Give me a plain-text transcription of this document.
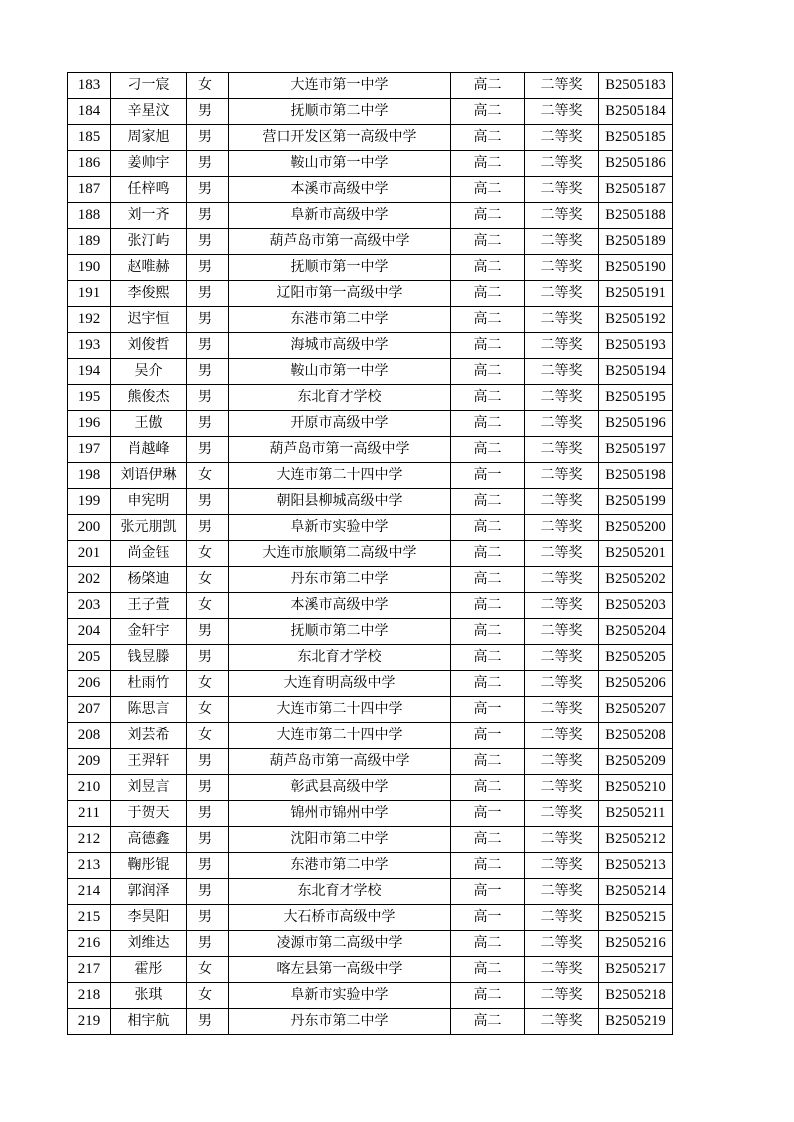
183	刁一宸	女	大连市第一中学	高二	二等奖	B2505183
184	辛星汶	男	抚顺市第二中学	高二	二等奖	B2505184
185	周家旭	男	营口开发区第一高级中学	高二	二等奖	B2505185
186	姜帅宇	男	鞍山市第一中学	高二	二等奖	B2505186
187	任梓鸣	男	本溪市高级中学	高二	二等奖	B2505187
188	刘一齐	男	阜新市高级中学	高二	二等奖	B2505188
189	张汀屿	男	葫芦岛市第一高级中学	高二	二等奖	B2505189
190	赵唯赫	男	抚顺市第一中学	高二	二等奖	B2505190
191	李俊熙	男	辽阳市第一高级中学	高二	二等奖	B2505191
192	迟宇恒	男	东港市第二中学	高二	二等奖	B2505192
193	刘俊哲	男	海城市高级中学	高二	二等奖	B2505193
194	吴介	男	鞍山市第一中学	高二	二等奖	B2505194
195	熊俊杰	男	东北育才学校	高二	二等奖	B2505195
196	王傲	男	开原市高级中学	高二	二等奖	B2505196
197	肖越峰	男	葫芦岛市第一高级中学	高二	二等奖	B2505197
198	刘语伊琳	女	大连市第二十四中学	高一	二等奖	B2505198
199	申宪明	男	朝阳县柳城高级中学	高二	二等奖	B2505199
200	张元朋凯	男	阜新市实验中学	高二	二等奖	B2505200
201	尚金钰	女	大连市旅顺第二高级中学	高二	二等奖	B2505201
202	杨棨迪	女	丹东市第二中学	高二	二等奖	B2505202
203	王子萱	女	本溪市高级中学	高二	二等奖	B2505203
204	金轩宇	男	抚顺市第二中学	高二	二等奖	B2505204
205	钱昱滕	男	东北育才学校	高二	二等奖	B2505205
206	杜雨竹	女	大连育明高级中学	高二	二等奖	B2505206
207	陈思言	女	大连市第二十四中学	高一	二等奖	B2505207
208	刘芸希	女	大连市第二十四中学	高一	二等奖	B2505208
209	王羿轩	男	葫芦岛市第一高级中学	高二	二等奖	B2505209
210	刘昱言	男	彰武县高级中学	高二	二等奖	B2505210
211	于贺天	男	锦州市锦州中学	高一	二等奖	B2505211
212	高德鑫	男	沈阳市第二中学	高二	二等奖	B2505212
213	鞠彤锟	男	东港市第二中学	高二	二等奖	B2505213
214	郭润泽	男	东北育才学校	高一	二等奖	B2505214
215	李昊阳	男	大石桥市高级中学	高一	二等奖	B2505215
216	刘维达	男	凌源市第二高级中学	高二	二等奖	B2505216
217	霍彤	女	喀左县第一高级中学	高二	二等奖	B2505217
218	张琪	女	阜新市实验中学	高二	二等奖	B2505218
219	相宇航	男	丹东市第二中学	高二	二等奖	B2505219
